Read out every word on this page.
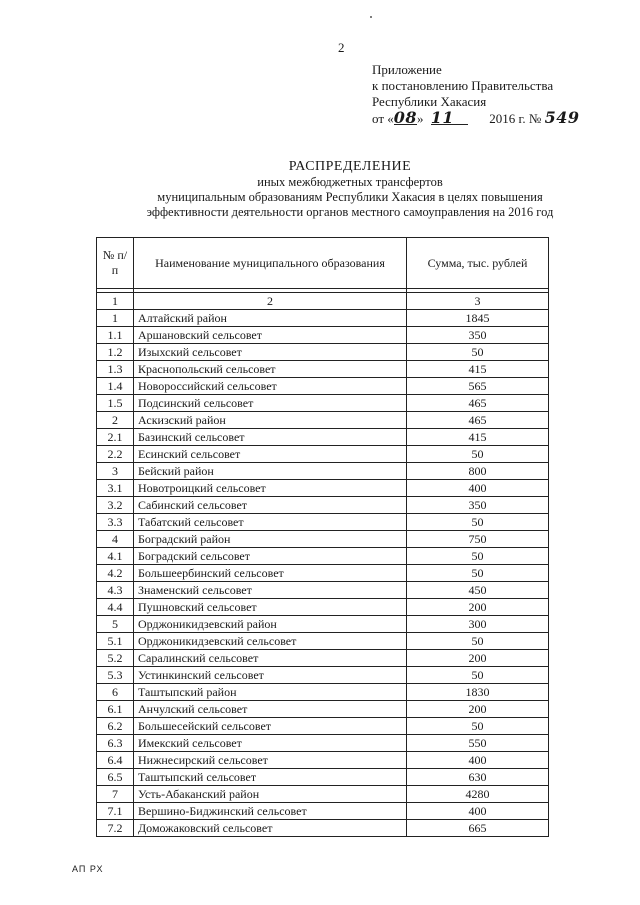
2
Приложение
к постановлению Правительства
Республики Хакасия
от «08» 11	2016 г. № 549
РАСПРЕДЕЛЕНИЕ
иных межбюджетных трансфертов
муниципальным образованиям Республики Хакасия в целях повышения
эффективности деятельности органов местного самоуправления на 2016 год
№ п/п	Наименование муниципального образования	Сумма, тыс. рублей

1	2	3
1	Алтайский район	1845
1.1	Аршановский сельсовет	350
1.2	Изыхский сельсовет	50
1.3	Краснопольский сельсовет	415
1.4	Новороссийский сельсовет	565
1.5	Подсинский сельсовет	465
2	Аскизский район	465
2.1	Базинский сельсовет	415
2.2	Есинский сельсовет	50
3	Бейский район	800
3.1	Новотроицкий сельсовет	400
3.2	Сабинский сельсовет	350
3.3	Табатский сельсовет	50
4	Боградский район	750
4.1	Боградский сельсовет	50
4.2	Большеербинский сельсовет	50
4.3	Знаменский сельсовет	450
4.4	Пушновский сельсовет	200
5	Орджоникидзевский район	300
5.1	Орджоникидзевский сельсовет	50
5.2	Саралинский сельсовет	200
5.3	Устинкинский сельсовет	50
6	Таштыпский район	1830
6.1	Анчулский сельсовет	200
6.2	Большесейский сельсовет	50
6.3	Имекский сельсовет	550
6.4	Нижнесирский сельсовет	400
6.5	Таштыпский сельсовет	630
7	Усть-Абаканский район	4280
7.1	Вершино-Биджинский сельсовет	400
7.2	Доможаковский сельсовет	665
АП РХ
